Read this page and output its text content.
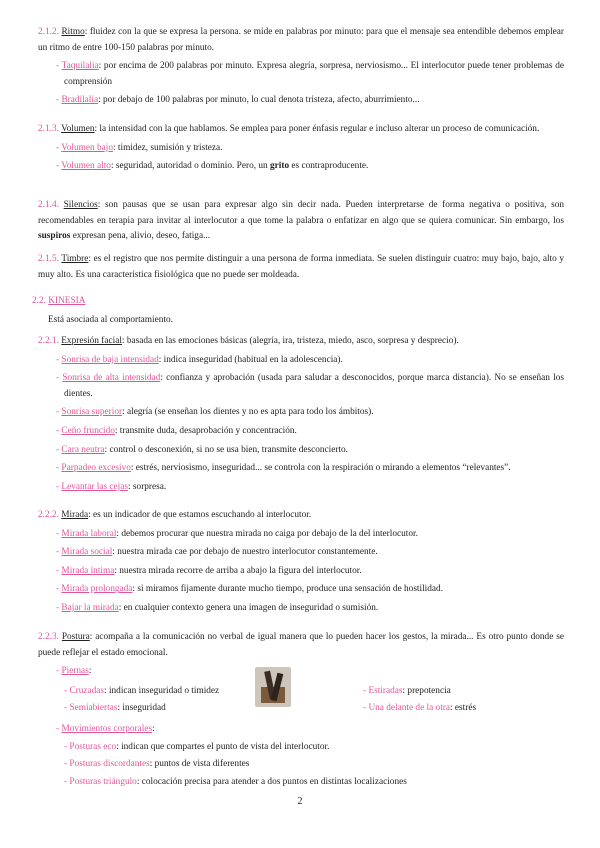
2.1.2. Ritmo: fluidez con la que se expresa la persona. se mide en palabras por minuto: para que el mensaje sea entendible debemos emplear un ritmo de entre 100-150 palabras por minuto.

- Taquilalia: por encima de 200 palabras por minuto. Expresa alegría, sorpresa, nerviosismo... El interlocutor puede tener problemas de comprensión

- Bradilalia: por debajo de 100 palabras por minuto, lo cual denota tristeza, afecto, aburrimiento...

2.1.3. Volumen: la intensidad con la que hablamos. Se emplea para poner énfasis regular e incluso alterar un proceso de comunicación.

- Volumen bajo: timidez, sumisión y tristeza.

- Volumen alto: seguridad, autoridad o dominio. Pero, un grito es contraproducente.

2.1.4. Silencios: son pausas que se usan para expresar algo sin decir nada. Pueden interpretarse de forma negativa o positiva, son recomendables en terapia para invitar al interlocutor a que tome la palabra o enfatizar en algo que se quiera comunicar. Sin embargo, los suspiros expresan pena, alivio, deseo, fatiga...

2.1.5. Timbre: es el registro que nos permite distinguir a una persona de forma inmediata. Se suelen distinguir cuatro: muy bajo, bajo, alto y muy alto. Es una característica fisiológica que no puede ser moldeada.

2.2. KINESIA

Está asociada al comportamiento.

2.2.1. Expresión facial: basada en las emociones básicas (alegría, ira, tristeza, miedo, asco, sorpresa y desprecio).

- Sonrisa de baja intensidad: indica inseguridad (habitual en la adolescencia).

- Sonrisa de alta intensidad: confianza y aprobación (usada para saludar a desconocidos, porque marca distancia). No se enseñan los dientes.

- Sonrisa superior: alegría (se enseñan los dientes y no es apta para todo los ámbitos).

- Ceño fruncido: transmite duda, desaprobación y concentración.

- Cara neutra: control o desconexión, si no se usa bien, transmite desconcierto.

- Parpadeo excesivo: estrés, nerviosismo, inseguridad... se controla con la respiración o mirando a elementos “relevantes”.

- Levantar las cejas: sorpresa.

2.2.2. Mirada: es un indicador de que estamos escuchando al interlocutor.

- Mirada laboral: debemos procurar que nuestra mirada no caiga por debajo de la del interlocutor.

- Mirada social: nuestra mirada cae por debajo de nuestro interlocutor constantemente.

- Mirada íntima: nuestra mirada recorre de arriba a abajo la figura del interlocutor.

- Mirada prolongada: si miramos fijamente durante mucho tiempo, produce una sensación de hostilidad.

- Bajar la mirada: en cualquier contexto genera una imagen de inseguridad o sumisión.

2.2.3. Postura: acompaña a la comunicación no verbal de igual manera que lo pueden hacer los gestos, la mirada... Es otro punto donde se puede reflejar el estado emocional.

- Piernas:

- Cruzadas: indican inseguridad o timidez
- Semiabiertas: inseguridad
- Estiradas: prepotencia
- Una delante de la otra: estrés

- Movimientos corporales:

- Posturas eco: indican que compartes el punto de vista del interlocutor.

- Posturas discordantes: puntos de vista diferentes

- Posturas triángulo: colocación precisa para atender a dos puntos en distintas localizaciones

2
